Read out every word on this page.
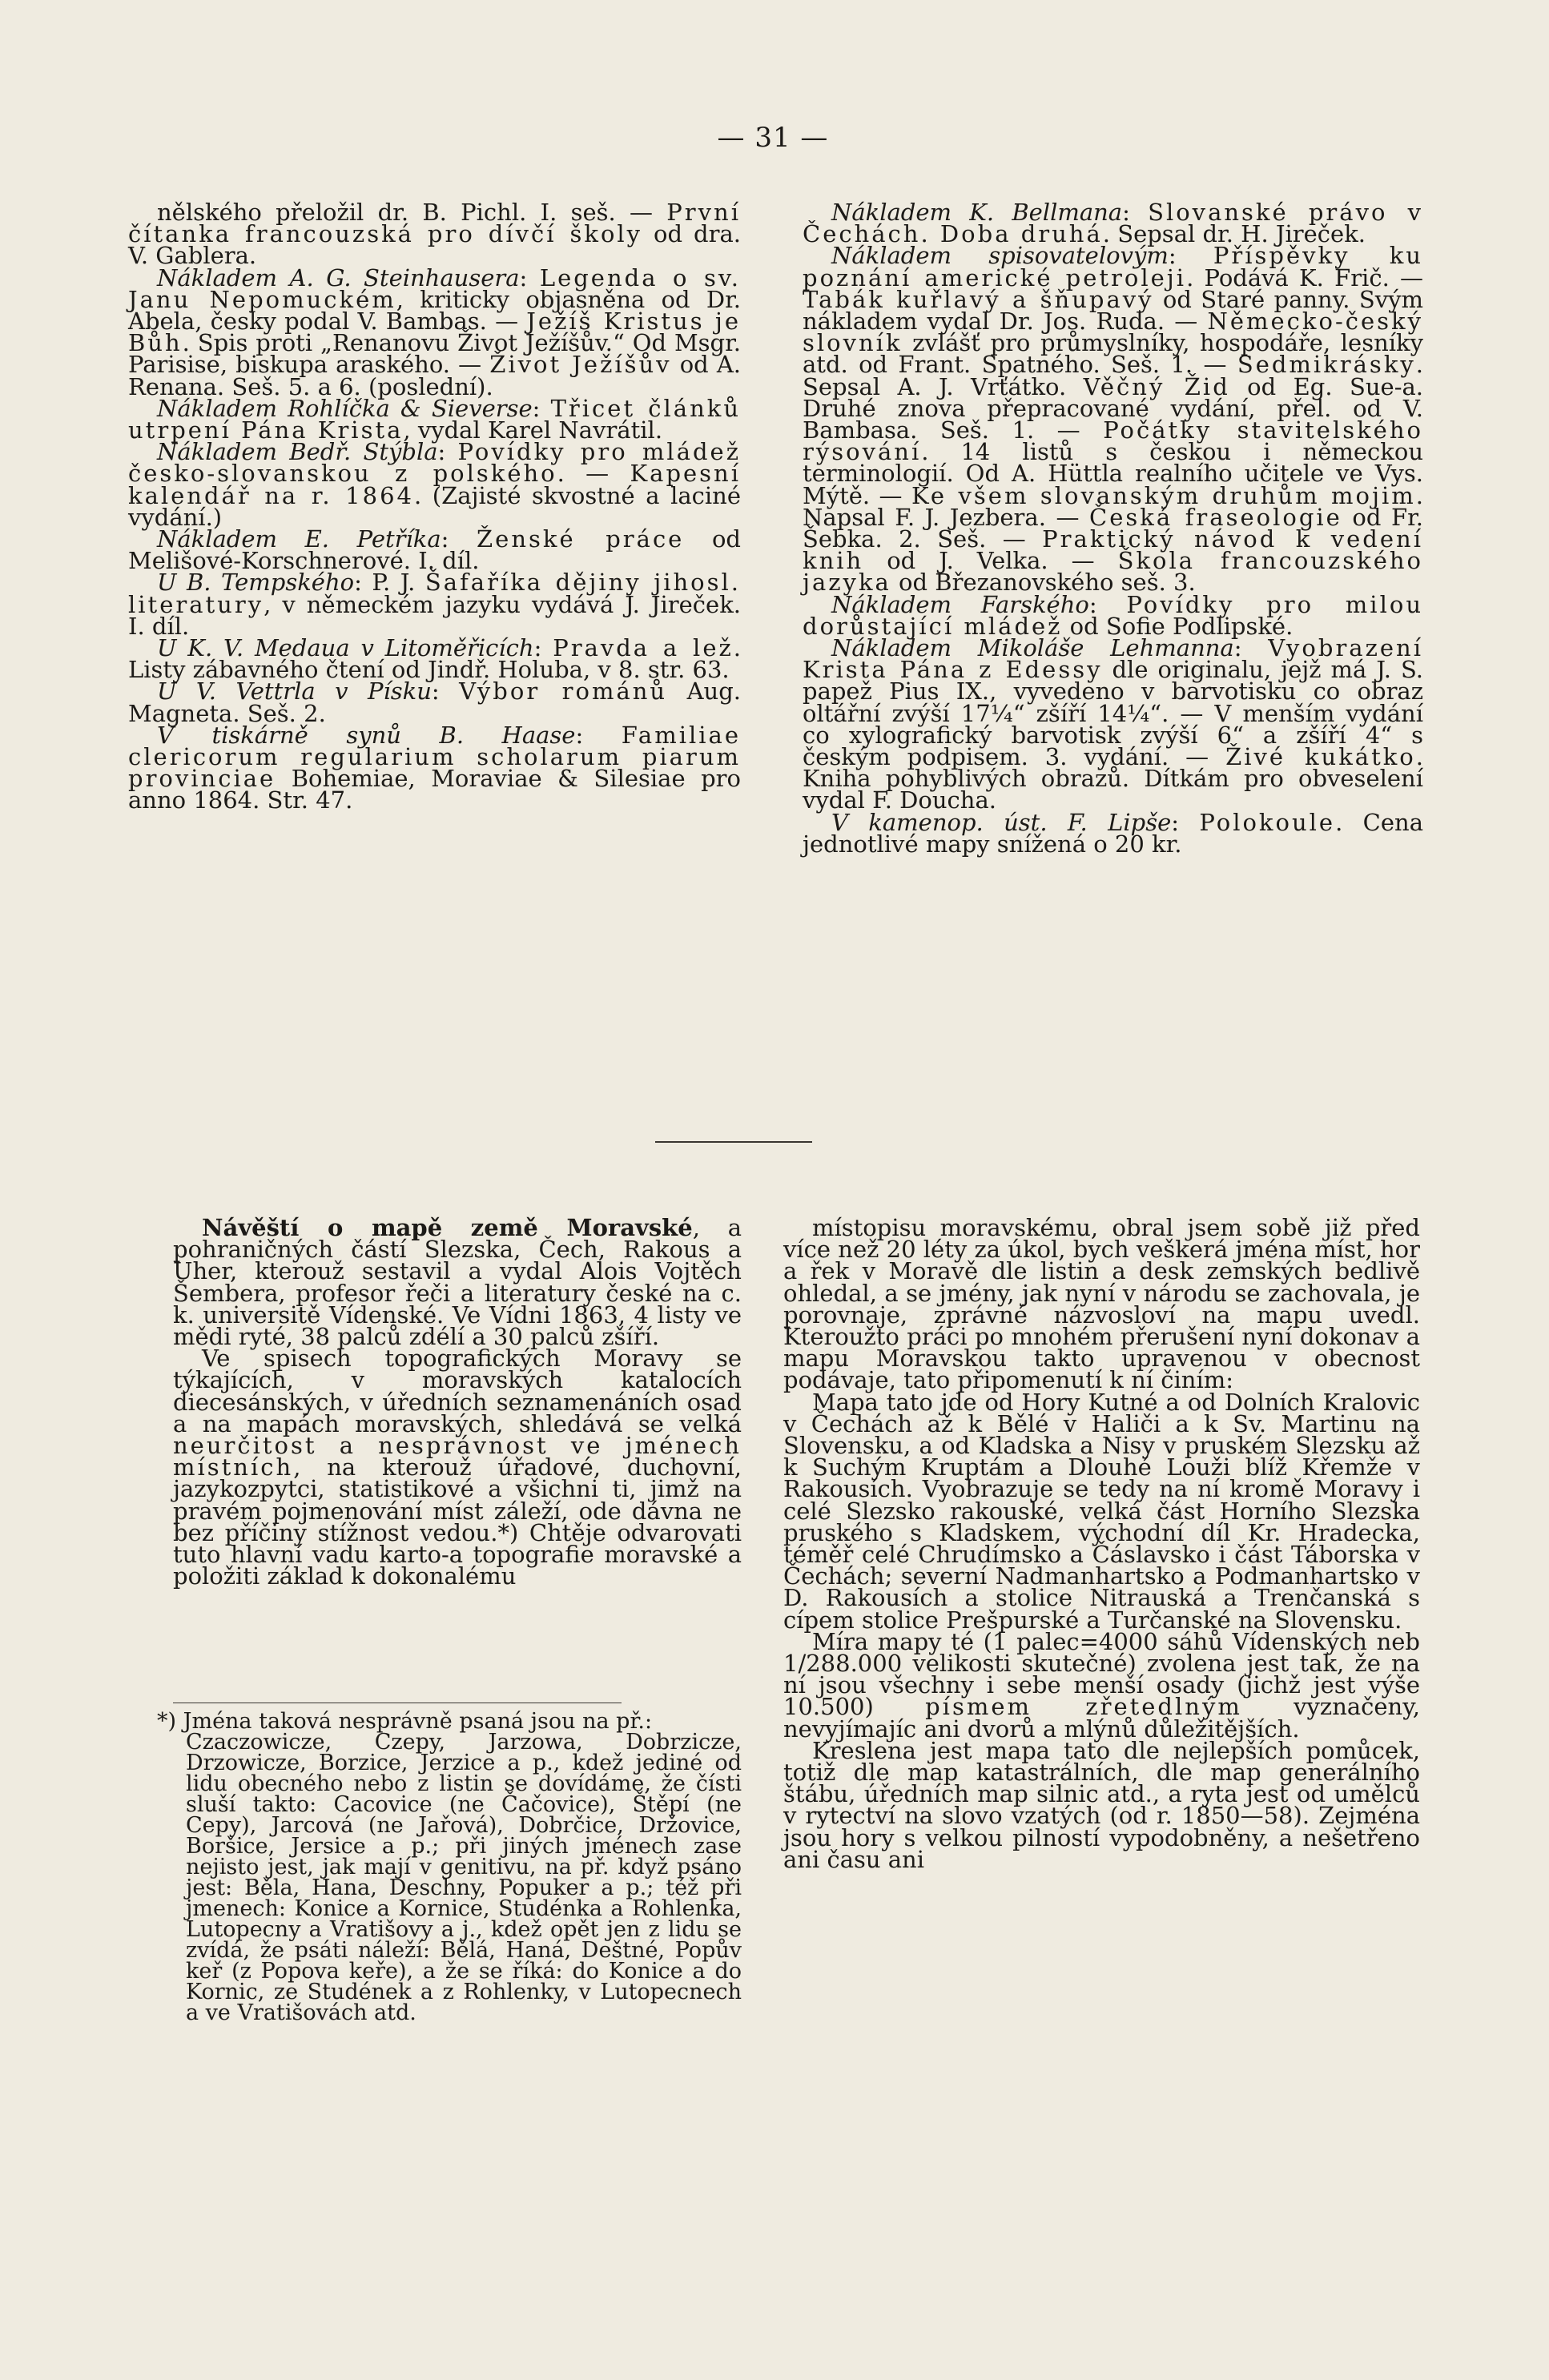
— 31 —

nělského přeložil dr. B. Pichl. I. seš. — První čítanka francouzská pro dívčí školy od dra. V. Gablera.

Nákladem A. G. Steinhausera: Legenda o sv. Janu Nepomuckém, kriticky objasněna od Dr. Abela, česky podal V. Bambas. — Ježíš Kristus je Bůh. Spis proti „Renanovu Život Ježíšův.“ Od Msgr. Parisise, biskupa araského. — Život Ježíšův od A. Renana. Seš. 5. a 6. (poslední).

Nákladem Rohlíčka & Sieverse: Třicet článků utrpení Pána Krista, vydal Karel Navrátil.

Nákladem Bedř. Stýbla: Povídky pro mládež česko-slovanskou z polského. — Kapesní kalendář na r. 1864. (Zajisté skvostné a laciné vydání.)

Nákladem E. Petříka: Ženské práce od Melišové-Korschnerové. I. díl.

U B. Tempského: P. J. Šafaříka dějiny jihosl. literatury, v německém jazyku vydává J. Jireček. I. díl.

U K. V. Medaua v Litoměřicích: Pravda a lež. Listy zábavného čtení od Jindř. Holuba, v 8. str. 63.

U V. Vettrla v Písku: Výbor románů Aug. Magneta. Seš. 2.

V tiskárně synů B. Haase: Familiae clericorum regularium scholarum piarum provinciae Bohemiae, Moraviae & Silesiae pro anno 1864. Str. 47.

Nákladem K. Bellmana: Slovanské právo v Čechách. Doba druhá. Sepsal dr. H. Jireček.

Nákladem spisovatelovým: Příspěvky ku poznání americké petroleji. Podává K. Frič. — Tabák kuřlavý a šňupavý od Staré panny. Svým nákladem vydal Dr. Jos. Ruda. — Německo-český slovník zvlášť pro průmyslníky, hospodáře, lesníky atd. od Frant. Spatného. Seš. 1. — Sedmikrásky. Sepsal A. J. Vrťátko. Věčný Žid od Eg. Sue-a. Druhé znova přepracované vydání, přel. od V. Bambasa. Seš. 1. — Počátky stavitelského rýsování. 14 listů s českou i německou terminologií. Od A. Hüttla realního učitele ve Vys. Mýtě. — Ke všem slovanským druhům mojim. Napsal F. J. Jezbera. — Česká fraseologie od Fr. Šebka. 2. Seš. — Praktický návod k vedení knih od J. Velka. — Škola francouzského jazyka od Březanovského seš. 3.

Nákladem Farského: Povídky pro milou dorůstající mládež od Sofie Podlipské.

Nákladem Mikoláše Lehmanna: Vyobrazení Krista Pána z Edessy dle originalu, jejž má J. S. papež Pius IX., vyvedeno v barvotisku co obraz oltářní zvýší 17¼“ zšíří 14¼“. — V menším vydání co xylografický barvotisk zvýší 6“ a zšíří 4“ s českým podpisem. 3. vydání. — Živé kukátko. Kniha pohyblivých obrazů. Dítkám pro obveselení vydal F. Doucha.

V kamenop. úst. F. Lipše: Polokoule. Cena jednotlivé mapy snížená o 20 kr.

Návěští o mapě země Moravské, a pohraničných částí Slezska, Čech, Rakous a Uher, kterouž sestavil a vydal Alois Vojtěch Šembera, profesor řeči a literatury české na c. k. universitě Vídenské. Ve Vídni 1863, 4 listy ve mědi ryté, 38 palců zdélí a 30 palců zšíří.

Ve spisech topografických Moravy se týkajících, v moravských katalocích diecesánských, v úředních seznamenáních osad a na mapách moravských, shledává se velká neurčitost a nesprávnost ve jménech místních, na kterouž úřadové, duchovní, jazykozpytci, statistikové a všichni ti, jimž na pravém pojmenování míst záleží, ode dávna ne bez příčiny stížnost vedou.*) Chtěje odvarovati tuto hlavní vadu karto-a topografie moravské a položiti základ k dokonalému

místopisu moravskému, obral jsem sobě již před více než 20 léty za úkol, bych veškerá jména míst, hor a řek v Moravě dle listin a desk zemských bedlivě ohledal, a se jmény, jak nyní v národu se zachovala, je porovnaje, zprávné názvosloví na mapu uvedl. Kteroužto práci po mnohém přerušení nyní dokonav a mapu Moravskou takto upravenou v obecnost podávaje, tato připomenutí k ní činím:

Mapa tato jde od Hory Kutné a od Dolních Kralovic v Čechách až k Bělé v Haliči a k Sv. Martinu na Slovensku, a od Kladska a Nisy v pruském Slezsku až k Suchým Kruptám a Dlouhé Louži blíž Křemže v Rakousích. Vyobrazuje se tedy na ní kromě Moravy i celé Slezsko rakouské, velká část Horního Slezska pruského s Kladskem, východní díl Kr. Hradecka, téměř celé Chrudímsko a Čáslavsko i část Táborska v Čechách; severní Nadmanhartsko a Podmanhartsko v D. Rakousích a stolice Nitrauská a Trenčanská s cípem stolice Prešpurské a Turčanské na Slovensku.

Míra mapy té (1 palec=4000 sáhů Vídenských neb 1/288.000 velikosti skutečné) zvolena jest tak, že na ní jsou všechny i sebe menší osady (jichž jest výše 10.500) písmem zřetedlným vyznačeny, nevyjímajíc ani dvorů a mlýnů důležitějších.

Kreslena jest mapa tato dle nejlepších pomůcek, totiž dle map katastrálních, dle map generálního štábu, úředních map silnic atd., a ryta jest od umělců v rytectví na slovo vzatých (od r. 1850—58). Zejména jsou hory s velkou pilností vypodobněny, a nešetřeno ani času ani

*) Jména taková nesprávně psaná jsou na př.:

Czaczowicze, Czepy, Jarzowa, Dobrzicze, Drzowicze, Borzice, Jerzice a p., kdež jediné od lidu obecného nebo z listin se dovídáme, že čísti sluší takto: Cacovice (ne Čačovice), Štěpí (ne Cepy), Jarcová (ne Jařová), Dobrčice, Držovice, Boršice, Jersice a p.; při jiných jménech zase nejisto jest, jak mají v genitivu, na př. když psáno jest: Běla, Hana, Deschny, Popuker a p.; též při jmenech: Konice a Kornice, Studénka a Rohlenka, Lutopecny a Vratišovy a j., kdež opět jen z lidu se zvídá, že psáti náleží: Bělá, Haná, Deštné, Popův keř (z Popova keře), a že se říká: do Konice a do Kornic, ze Studének a z Rohlenky, v Lutopecnech a ve Vratišovách atd.
